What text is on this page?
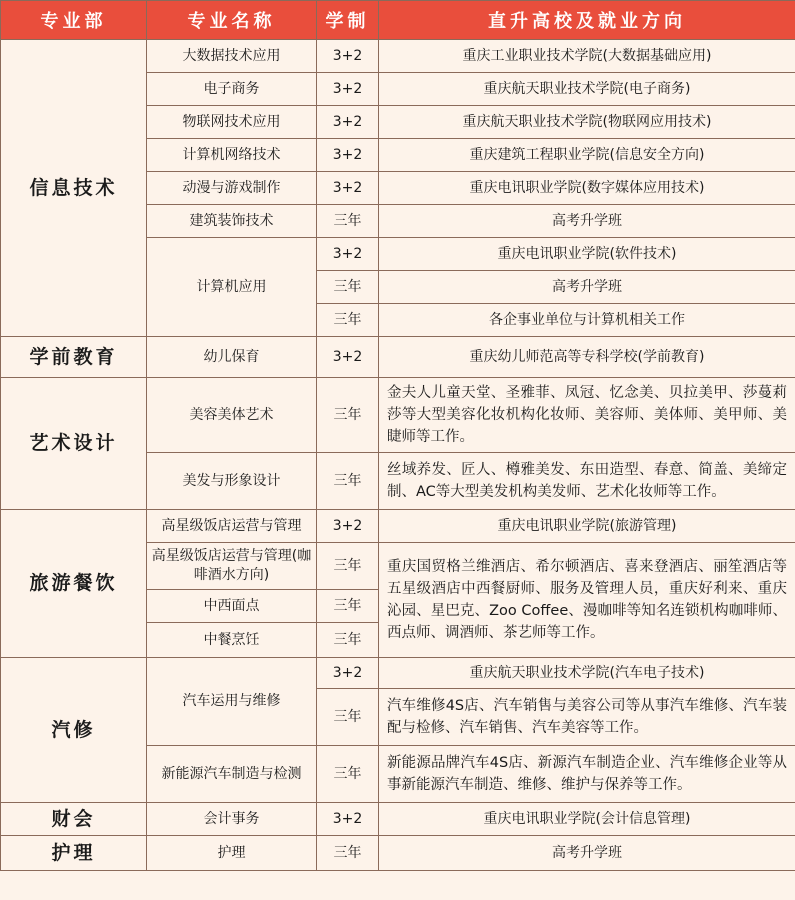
专业部	专业名称	学制	直升高校及就业方向
信息技术	大数据技术应用	3+2	重庆工业职业技术学院(大数据基础应用)
	电子商务	3+2	重庆航天职业技术学院(电子商务)
	物联网技术应用	3+2	重庆航天职业技术学院(物联网应用技术)
	计算机网络技术	3+2	重庆建筑工程职业学院(信息安全方向)
	动漫与游戏制作	3+2	重庆电讯职业学院(数字媒体应用技术)
	建筑装饰技术	三年	高考升学班
	计算机应用	3+2	重庆电讯职业学院(软件技术)
		三年	高考升学班
		三年	各企事业单位与计算机相关工作
学前教育	幼儿保育	3+2	重庆幼儿师范高等专科学校(学前教育)
艺术设计	美容美体艺术	三年	金夫人儿童天堂、圣雅菲、凤冠、忆念美、贝拉美甲、莎蔓莉莎等大型美容化妆机构化妆师、美容师、美体师、美甲师、美睫师等工作。
	美发与形象设计	三年	丝域养发、匠人、樽雅美发、东田造型、春意、简盖、美缔定制、AC等大型美发机构美发师、艺术化妆师等工作。
旅游餐饮	高星级饭店运营与管理	3+2	重庆电讯职业学院(旅游管理)
	高星级饭店运营与管理(咖啡酒水方向)	三年	重庆国贸格兰维酒店、希尔顿酒店、喜来登酒店、丽笙酒店等五星级酒店中西餐厨师、服务及管理人员，重庆好利来、重庆沁园、星巴克、Zoo Coffee、漫咖啡等知名连锁机构咖啡师、西点师、调酒师、茶艺师等工作。
	中西面点	三年	
	中餐烹饪	三年	
汽修	汽车运用与维修	3+2	重庆航天职业技术学院(汽车电子技术)
		三年	汽车维修4S店、汽车销售与美容公司等从事汽车维修、汽车装配与检修、汽车销售、汽车美容等工作。
	新能源汽车制造与检测	三年	新能源品牌汽车4S店、新源汽车制造企业、汽车维修企业等从事新能源汽车制造、维修、维护与保养等工作。
财会	会计事务	3+2	重庆电讯职业学院(会计信息管理)
护理	护理	三年	高考升学班
